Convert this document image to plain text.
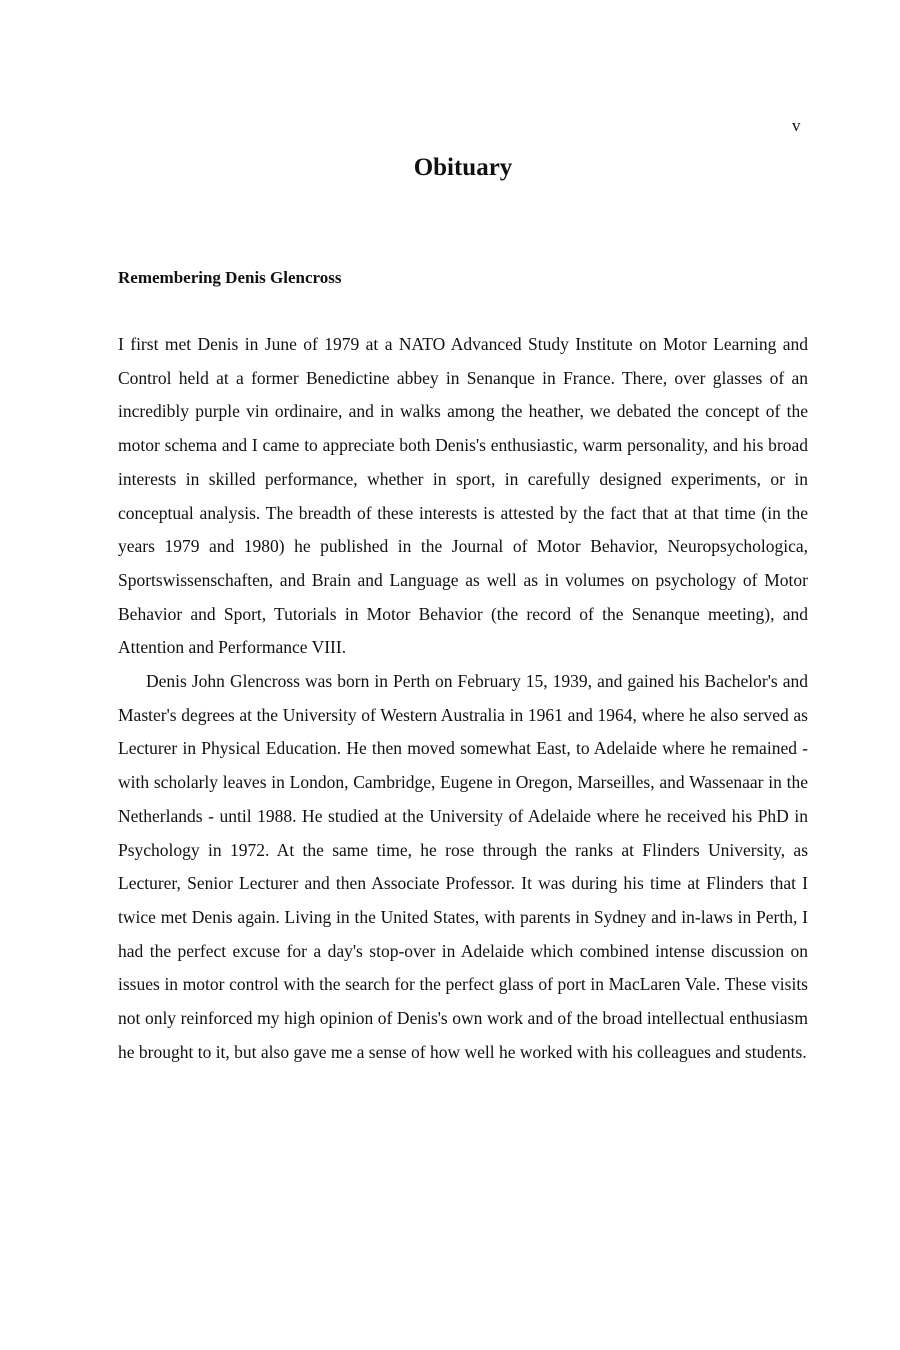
v
Obituary
Remembering Denis Glencross

I first met Denis in June of 1979 at a NATO Advanced Study Institute on Motor Learning and Control held at a former Benedictine abbey in Senanque in France. There, over glasses of an incredibly purple vin ordinaire, and in walks among the heather, we debated the concept of the motor schema and I came to appreciate both Denis's enthusiastic, warm personality, and his broad interests in skilled performance, whether in sport, in carefully designed experiments, or in conceptual analysis. The breadth of these interests is attested by the fact that at that time (in the years 1979 and 1980) he published in the Journal of Motor Behavior, Neuropsychologica, Sportswissenschaften, and Brain and Language as well as in volumes on psychology of Motor Behavior and Sport, Tutorials in Motor Behavior (the record of the Senanque meeting), and Attention and Performance VIII.

Denis John Glencross was born in Perth on February 15, 1939, and gained his Bachelor's and Master's degrees at the University of Western Australia in 1961 and 1964, where he also served as Lecturer in Physical Education. He then moved somewhat East, to Adelaide where he remained - with scholarly leaves in London, Cambridge, Eugene in Oregon, Marseilles, and Wassenaar in the Netherlands - until 1988. He studied at the University of Adelaide where he received his PhD in Psychology in 1972. At the same time, he rose through the ranks at Flinders University, as Lecturer, Senior Lecturer and then Associate Professor. It was during his time at Flinders that I twice met Denis again. Living in the United States, with parents in Sydney and in-laws in Perth, I had the perfect excuse for a day's stop-over in Adelaide which combined intense discussion on issues in motor control with the search for the perfect glass of port in MacLaren Vale. These visits not only reinforced my high opinion of Denis's own work and of the broad intellectual enthusiasm he brought to it, but also gave me a sense of how well he worked with his colleagues and students.
